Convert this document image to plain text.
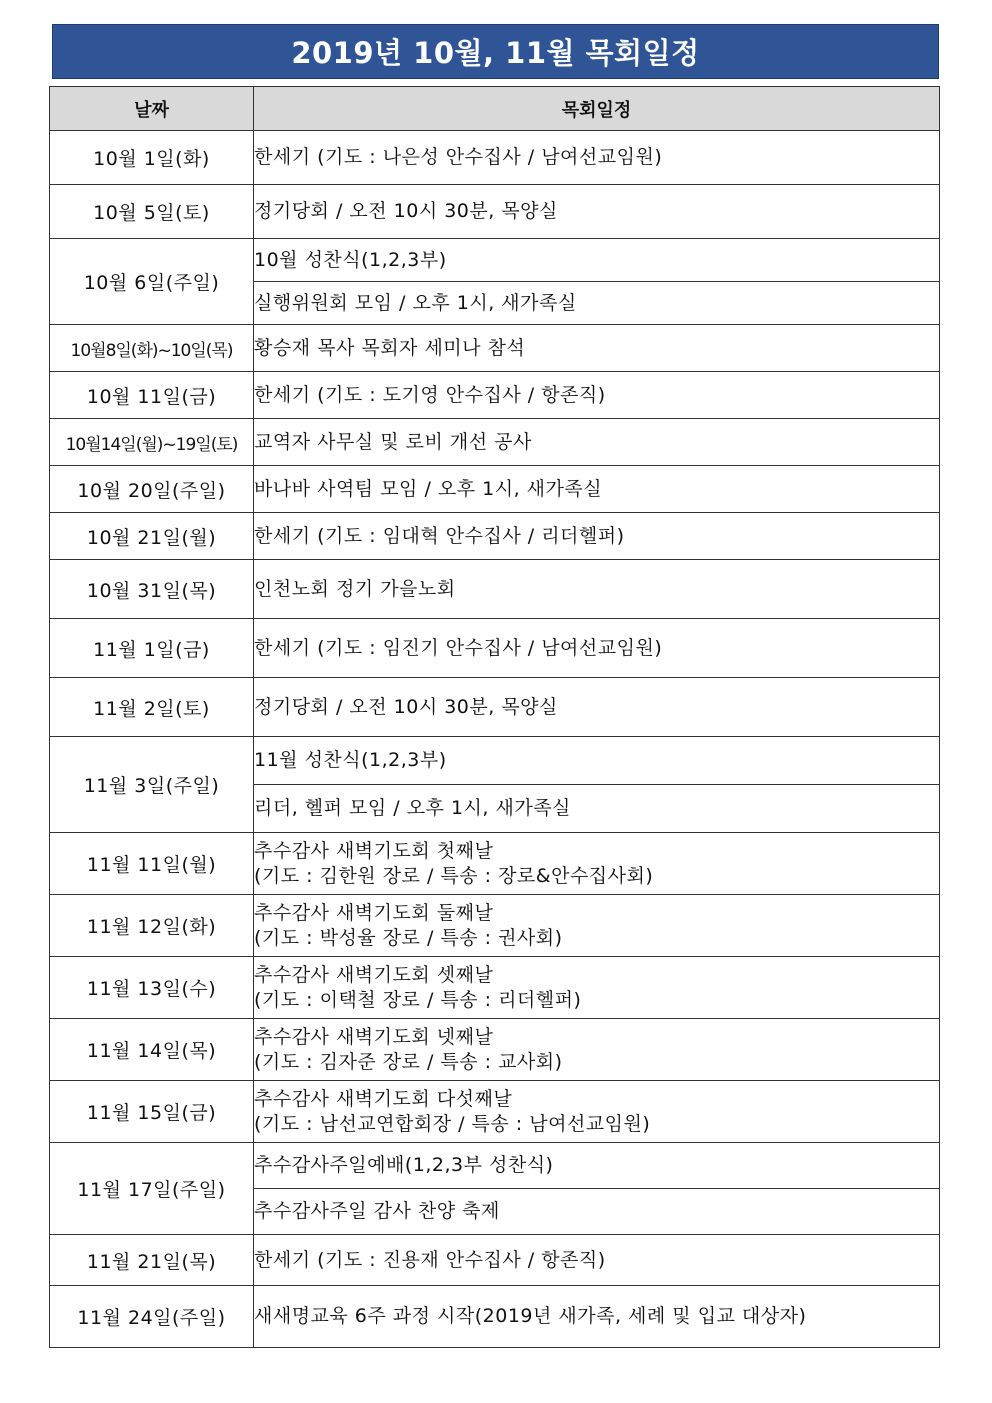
2019년 10월, 11월 목회일정
날짜	목회일정
10월 1일(화)	한세기 (기도 : 나은성 안수집사 / 남여선교임원)
10월 5일(토)	정기당회 / 오전 10시 30분, 목양실
10월 6일(주일)	10월 성찬식(1,2,3부)
	실행위원회 모임 / 오후 1시, 새가족실
10월8일(화)~10일(목)	황승재 목사 목회자 세미나 참석
10월 11일(금)	한세기 (기도 : 도기영 안수집사 / 항존직)
10월14일(월)~19일(토)	교역자 사무실 및 로비 개선 공사
10월 20일(주일)	바나바 사역팀 모임 / 오후 1시, 새가족실
10월 21일(월)	한세기 (기도 : 임대혁 안수집사 / 리더헬퍼)
10월 31일(목)	인천노회 정기 가을노회
11월 1일(금)	한세기 (기도 : 임진기 안수집사 / 남여선교임원)
11월 2일(토)	정기당회 / 오전 10시 30분, 목양실
11월 3일(주일)	11월 성찬식(1,2,3부)
	리더, 헬퍼 모임 / 오후 1시, 새가족실
11월 11일(월)	추수감사 새벽기도회 첫째날
(기도 : 김한원 장로 / 특송 : 장로&안수집사회)

11월 12일(화)	추수감사 새벽기도회 둘째날
(기도 : 박성율 장로 / 특송 : 권사회)

11월 13일(수)	추수감사 새벽기도회 셋째날
(기도 : 이택철 장로 / 특송 : 리더헬퍼)

11월 14일(목)	추수감사 새벽기도회 넷째날
(기도 : 김자준 장로 / 특송 : 교사회)

11월 15일(금)	추수감사 새벽기도회 다섯째날
(기도 : 남선교연합회장 / 특송 : 남여선교임원)

11월 17일(주일)	추수감사주일예배(1,2,3부 성찬식)
	추수감사주일 감사 찬양 축제
11월 21일(목)	한세기 (기도 : 진용재 안수집사 / 항존직)
11월 24일(주일)	새새명교육 6주 과정 시작(2019년 새가족, 세례 및 입교 대상자)
